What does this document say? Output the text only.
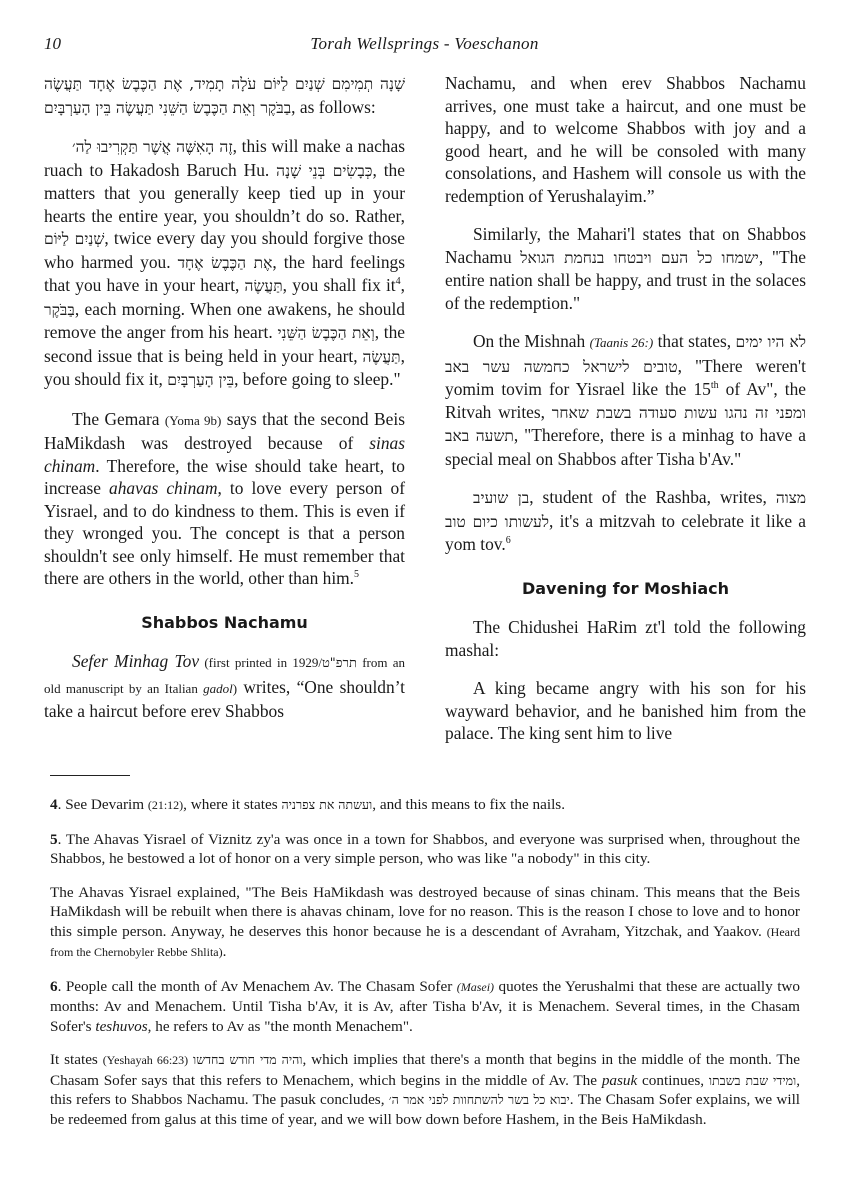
10	Torah Wellsprings - Voeschanon

שָׁנָה תְמִימִם שְׁנַיִם לַיּוֹם עֹלָה תָמִיד, אֶת הַכֶּבֶשׂ אֶחָד תַּעֲשֶׂה בַבֹּקֶר וְאֵת הַכֶּבֶשׂ הַשֵּׁנִי תַּעֲשֶׂה בֵּין הָעַרְבָּיִם, as follows:

זֶה הָאִשֶּׁה אֲשֶׁר תַּקְרִיבוּ לַה׳, this will make a nachas ruach to Hakadosh Baruch Hu. כְּבָשִׂים בְּנֵי שָׁנָה, the matters that you generally keep tied up in your hearts the entire year, you shouldn’t do so. Rather, שְׁנַיִם לַיּוֹם, twice every day you should forgive those who harmed you. אֶת הַכֶּבֶשׂ אֶחָד, the hard feelings that you have in your heart, תַּעֲשֶׂה, you shall fix $it^4$, בַּבֹּקֶר, each morning. When one awakens, he should remove the anger from his heart. וְאֵת הַכֶּבֶשׂ הַשֵּׁנִי, the second issue that is being held in your heart, תַּעֲשֶׂה, you should fix it, בֵּין הָעַרְבָּיִם, before going to sleep."

The Gemara (Yoma 9b) says that the second Beis HaMikdash was destroyed because of sinas chinam. Therefore, the wise should take heart, to increase ahavas chinam, to love every person of Yisrael, and to do kindness to them. This is even if they wronged you. The concept is that a person shouldn't see only himself. He must remember that there are others in the world, other than him.$^5$

Shabbos Nachamu

Sefer Minhag Tov (first printed in 1929/תרפ"ט from an old manuscript by an Italian gadol) writes, “One shouldn’t take a haircut before erev Shabbos

Nachamu, and when erev Shabbos Nachamu arrives, one must take a haircut, and one must be happy, and to welcome Shabbos with joy and a good heart, and he will be consoled with many consolations, and Hashem will console us with the redemption of Yerushalayim.”

Similarly, the Mahari'l states that on Shabbos Nachamu ישמחו כל העם ויבטחו בנחמת הגואל, "The entire nation shall be happy, and trust in the solaces of the redemption."

On the Mishnah (Taanis 26:) that states, לא היו ימים טובים לישראל כחמשה עשר באב, "There weren't yomim tovim for Yisrael like the 15th of Av", the Ritvah writes, ומפני זה נהגו עשות סעודה בשבת שאחר תשעה באב, "Therefore, there is a minhag to have a special meal on Shabbos after Tisha b'Av."

בן שועיב, student of the Rashba, writes, מצוה לעשותו כיום טוב, it's a mitzvah to celebrate it like a yom tov.$^6$

Davening for Moshiach

The Chidushei HaRim zt'l told the following mashal:

A king became angry with his son for his wayward behavior, and he banished him from the palace. The king sent him to live

4. See Devarim (21:12), where it states ועשתה את צפרניה, and this means to fix the nails.

5. The Ahavas Yisrael of Viznitz zy'a was once in a town for Shabbos, and everyone was surprised when, throughout the Shabbos, he bestowed a lot of honor on a very simple person, who was like "a nobody" in this city.

The Ahavas Yisrael explained, "The Beis HaMikdash was destroyed because of sinas chinam. This means that the Beis HaMikdash will be rebuilt when there is ahavas chinam, love for no reason. This is the reason I chose to love and to honor this simple person. Anyway, he deserves this honor because he is a descendant of Avraham, Yitzchak, and Yaakov. (Heard from the Chernobyler Rebbe Shlita).

6. People call the month of Av Menachem Av. The Chasam Sofer (Masei) quotes the Yerushalmi that these are actually two months: Av and Menachem. Until Tisha b'Av, it is Av, after Tisha b'Av, it is Menachem. Several times, in the Chasam Sofer's teshuvos, he refers to Av as "the month Menachem".

It states (Yeshayah 66:23) והיה מדי חודש בחדשו, which implies that there's a month that begins in the middle of the month. The Chasam Sofer says that this refers to Menachem, which begins in the middle of Av. The pasuk continues, ומידי שבת בשבתו, this refers to Shabbos Nachamu. The pasuk concludes, יבוא כל בשר להשתחוות לפני אמר ה׳. The Chasam Sofer explains, we will be redeemed from galus at this time of year, and we will bow down before Hashem, in the Beis HaMikdash.
